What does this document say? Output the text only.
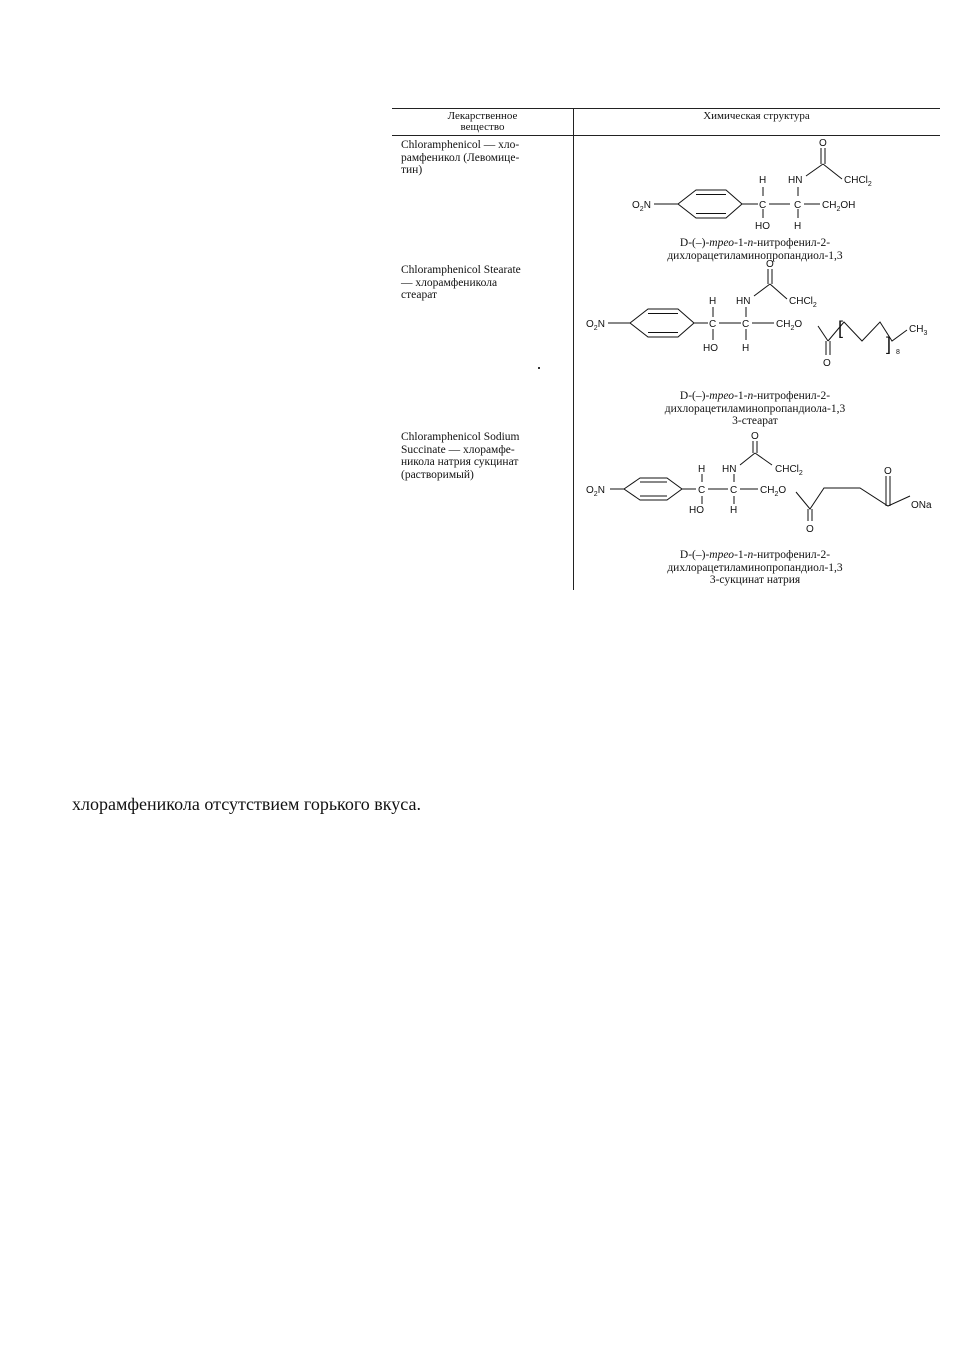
Лекарственное
вещество
Химическая структура
Chloramphenicol — хло-
рамфеникол (Левомице-
тин)
Chloramphenicol Stearate
— хлорамфеникола
стеарат
Chloramphenicol Sodium
Succinate — хлорамфе-
никола натрия сукцинат
(растворимый)
$O_2N$
H
C
HO
HN
C
H
O
CHCl$_2$
$CH_2OH$
$O_2N$
H
C
HO
HN
C
H
O
CHCl$_2$
$CH_2O$
O
[
] 8
$CH_3$
$O_2N$
H
C
HO
HN
C
H
O
CHCl$_2$
$CH_2O$
O
O
ONa
D-(–)-трео-1-п-нитрофенил-2-
дихлорацетиламинопропандиол-1,3
D-(–)-трео-1-п-нитрофенил-2-
дихлорацетиламинопропандиола-1,3
3-стеарат
D-(–)-трео-1-п-нитрофенил-2-
дихлорацетиламинопропандиол-1,3
3-сукцинат натрия
хлорамфеникола отсутствием горького вкуса.
